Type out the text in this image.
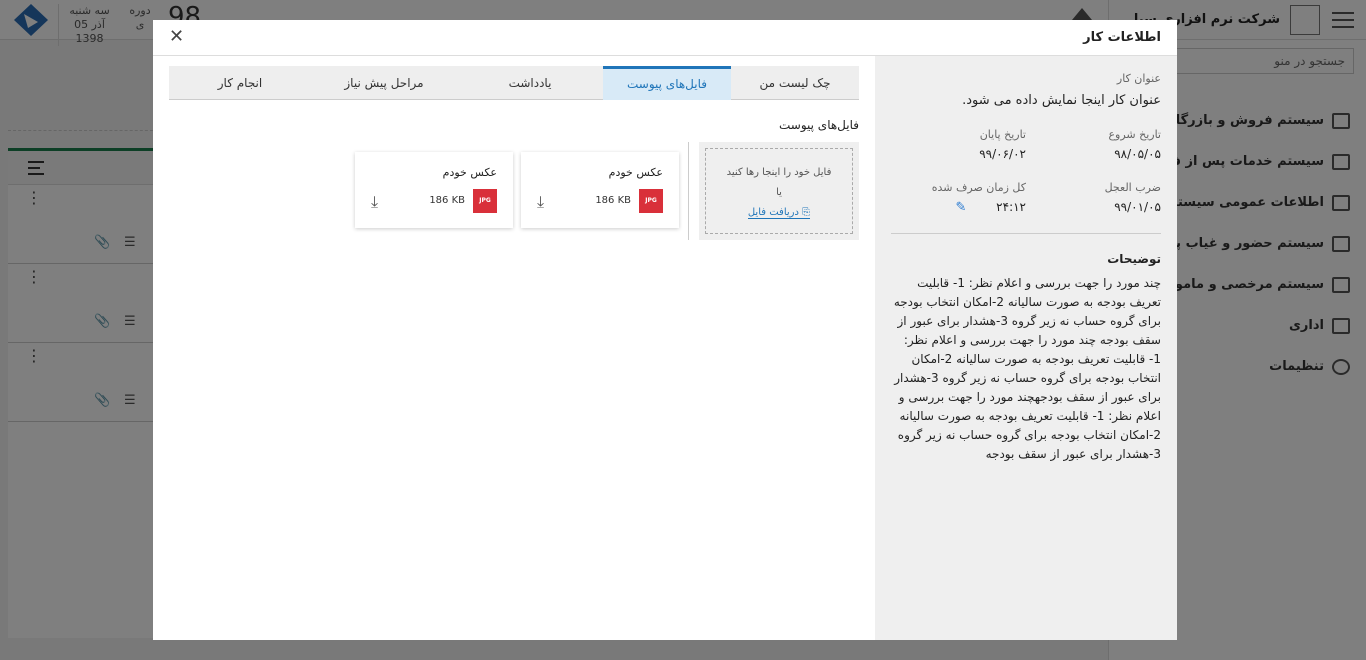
اطلاعات کار
✕
عنوان کار
عنوان کار اینجا نمایش داده می شود.
تاریخ شروع
۹۸/۰۵/۰۵
تاریخ پایان
۹۹/۰۶/۰۲
ضرب العجل
۹۹/۰۱/۰۵
کل زمان صرف شده
۲۴:۱۲ ✎
توضیحات
چند مورد را جهت بررسی و اعلام نظر: 1- قابلیت تعریف بودجه به صورت سالیانه 2-امکان انتخاب بودجه برای گروه حساب نه زیر گروه 3-هشدار برای عبور از سقف بودجه چند مورد را جهت بررسی و اعلام نظر: 1- قابلیت تعریف بودجه به صورت سالیانه 2-امکان انتخاب بودجه برای گروه حساب نه زیر گروه 3-هشدار برای عبور از سقف بودجهچند مورد را جهت بررسی و اعلام نظر: 1- قابلیت تعریف بودجه به صورت سالیانه 2-امکان انتخاب بودجه برای گروه حساب نه زیر گروه 3-هشدار برای عبور از سقف بودجه
چک لیست من
فایل‌های پیوست
یادداشت
مراحل پیش نیاز
انجام کار
فایل‌های پیوست
فایل خود را اینجا رها کنید
یا
⎘ دریافت فایل
عکس خودم
JPG
186 KB
⤓
عکس خودم
JPG
186 KB
⤓
